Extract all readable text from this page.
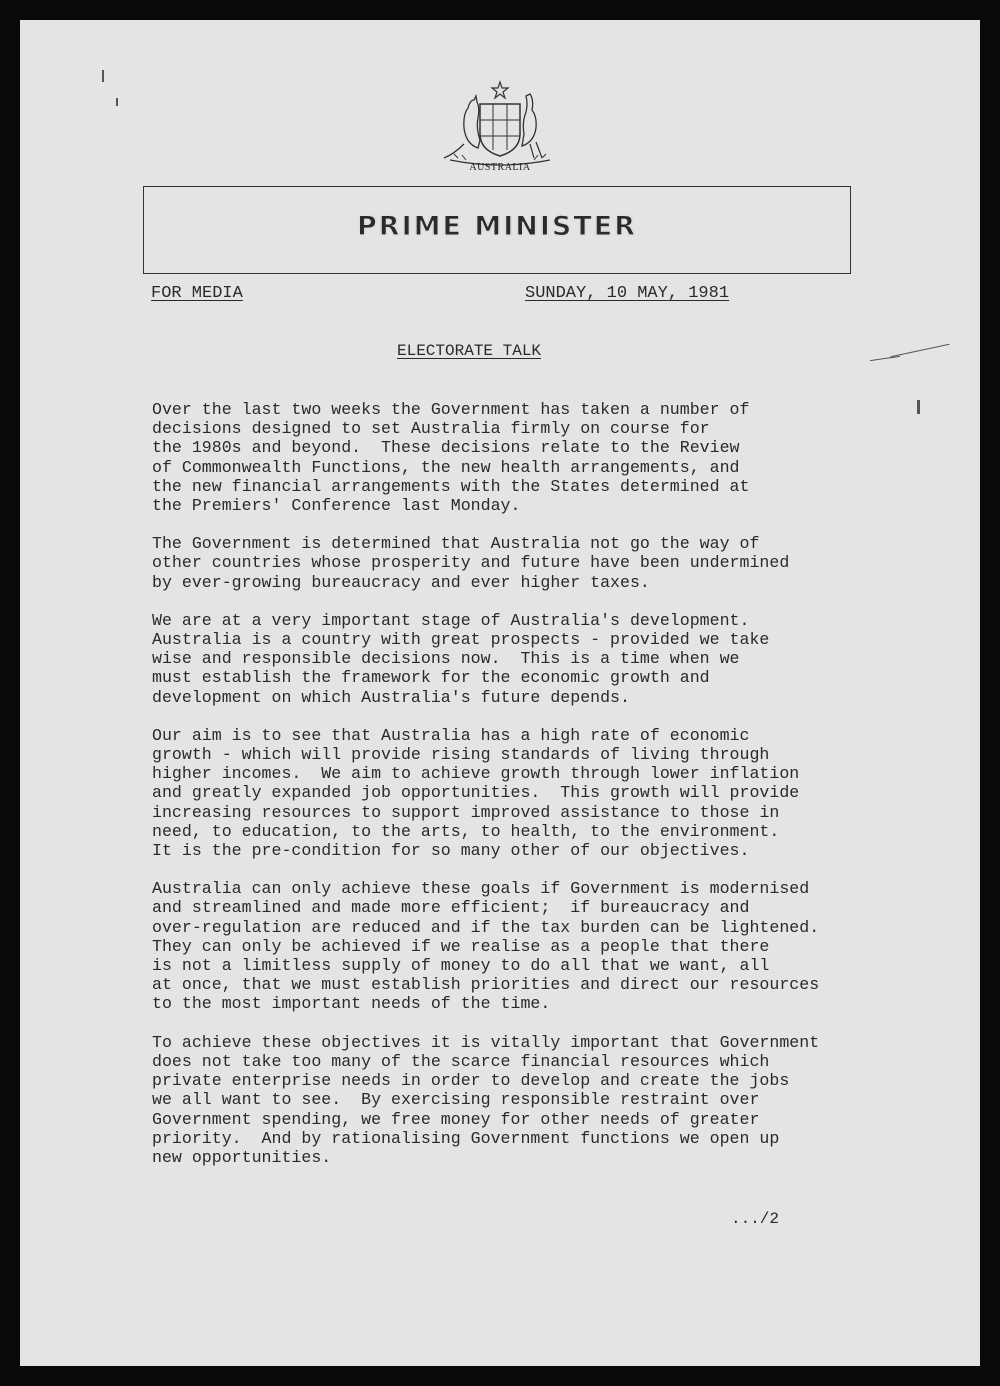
AUSTRALIA
PRIME MINISTER
FOR MEDIA	SUNDAY, 10 MAY, 1981
ELECTORATE TALK

Over the last two weeks the Government has taken a number of
decisions designed to set Australia firmly on course for
the 1980s and beyond.  These decisions relate to the Review
of Commonwealth Functions, the new health arrangements, and
the new financial arrangements with the States determined at
the Premiers' Conference last Monday.

The Government is determined that Australia not go the way of
other countries whose prosperity and future have been undermined
by ever-growing bureaucracy and ever higher taxes.

We are at a very important stage of Australia's development.
Australia is a country with great prospects - provided we take
wise and responsible decisions now.  This is a time when we
must establish the framework for the economic growth and
development on which Australia's future depends.

Our aim is to see that Australia has a high rate of economic
growth - which will provide rising standards of living through
higher incomes.  We aim to achieve growth through lower inflation
and greatly expanded job opportunities.  This growth will provide
increasing resources to support improved assistance to those in
need, to education, to the arts, to health, to the environment.
It is the pre-condition for so many other of our objectives.

Australia can only achieve these goals if Government is modernised
and streamlined and made more efficient;  if bureaucracy and
over-regulation are reduced and if the tax burden can be lightened.
They can only be achieved if we realise as a people that there
is not a limitless supply of money to do all that we want, all
at once, that we must establish priorities and direct our resources
to the most important needs of the time.

To achieve these objectives it is vitally important that Government
does not take too many of the scarce financial resources which
private enterprise needs in order to develop and create the jobs
we all want to see.  By exercising responsible restraint over
Government spending, we free money for other needs of greater
priority.  And by rationalising Government functions we open up
new opportunities.

.../2
